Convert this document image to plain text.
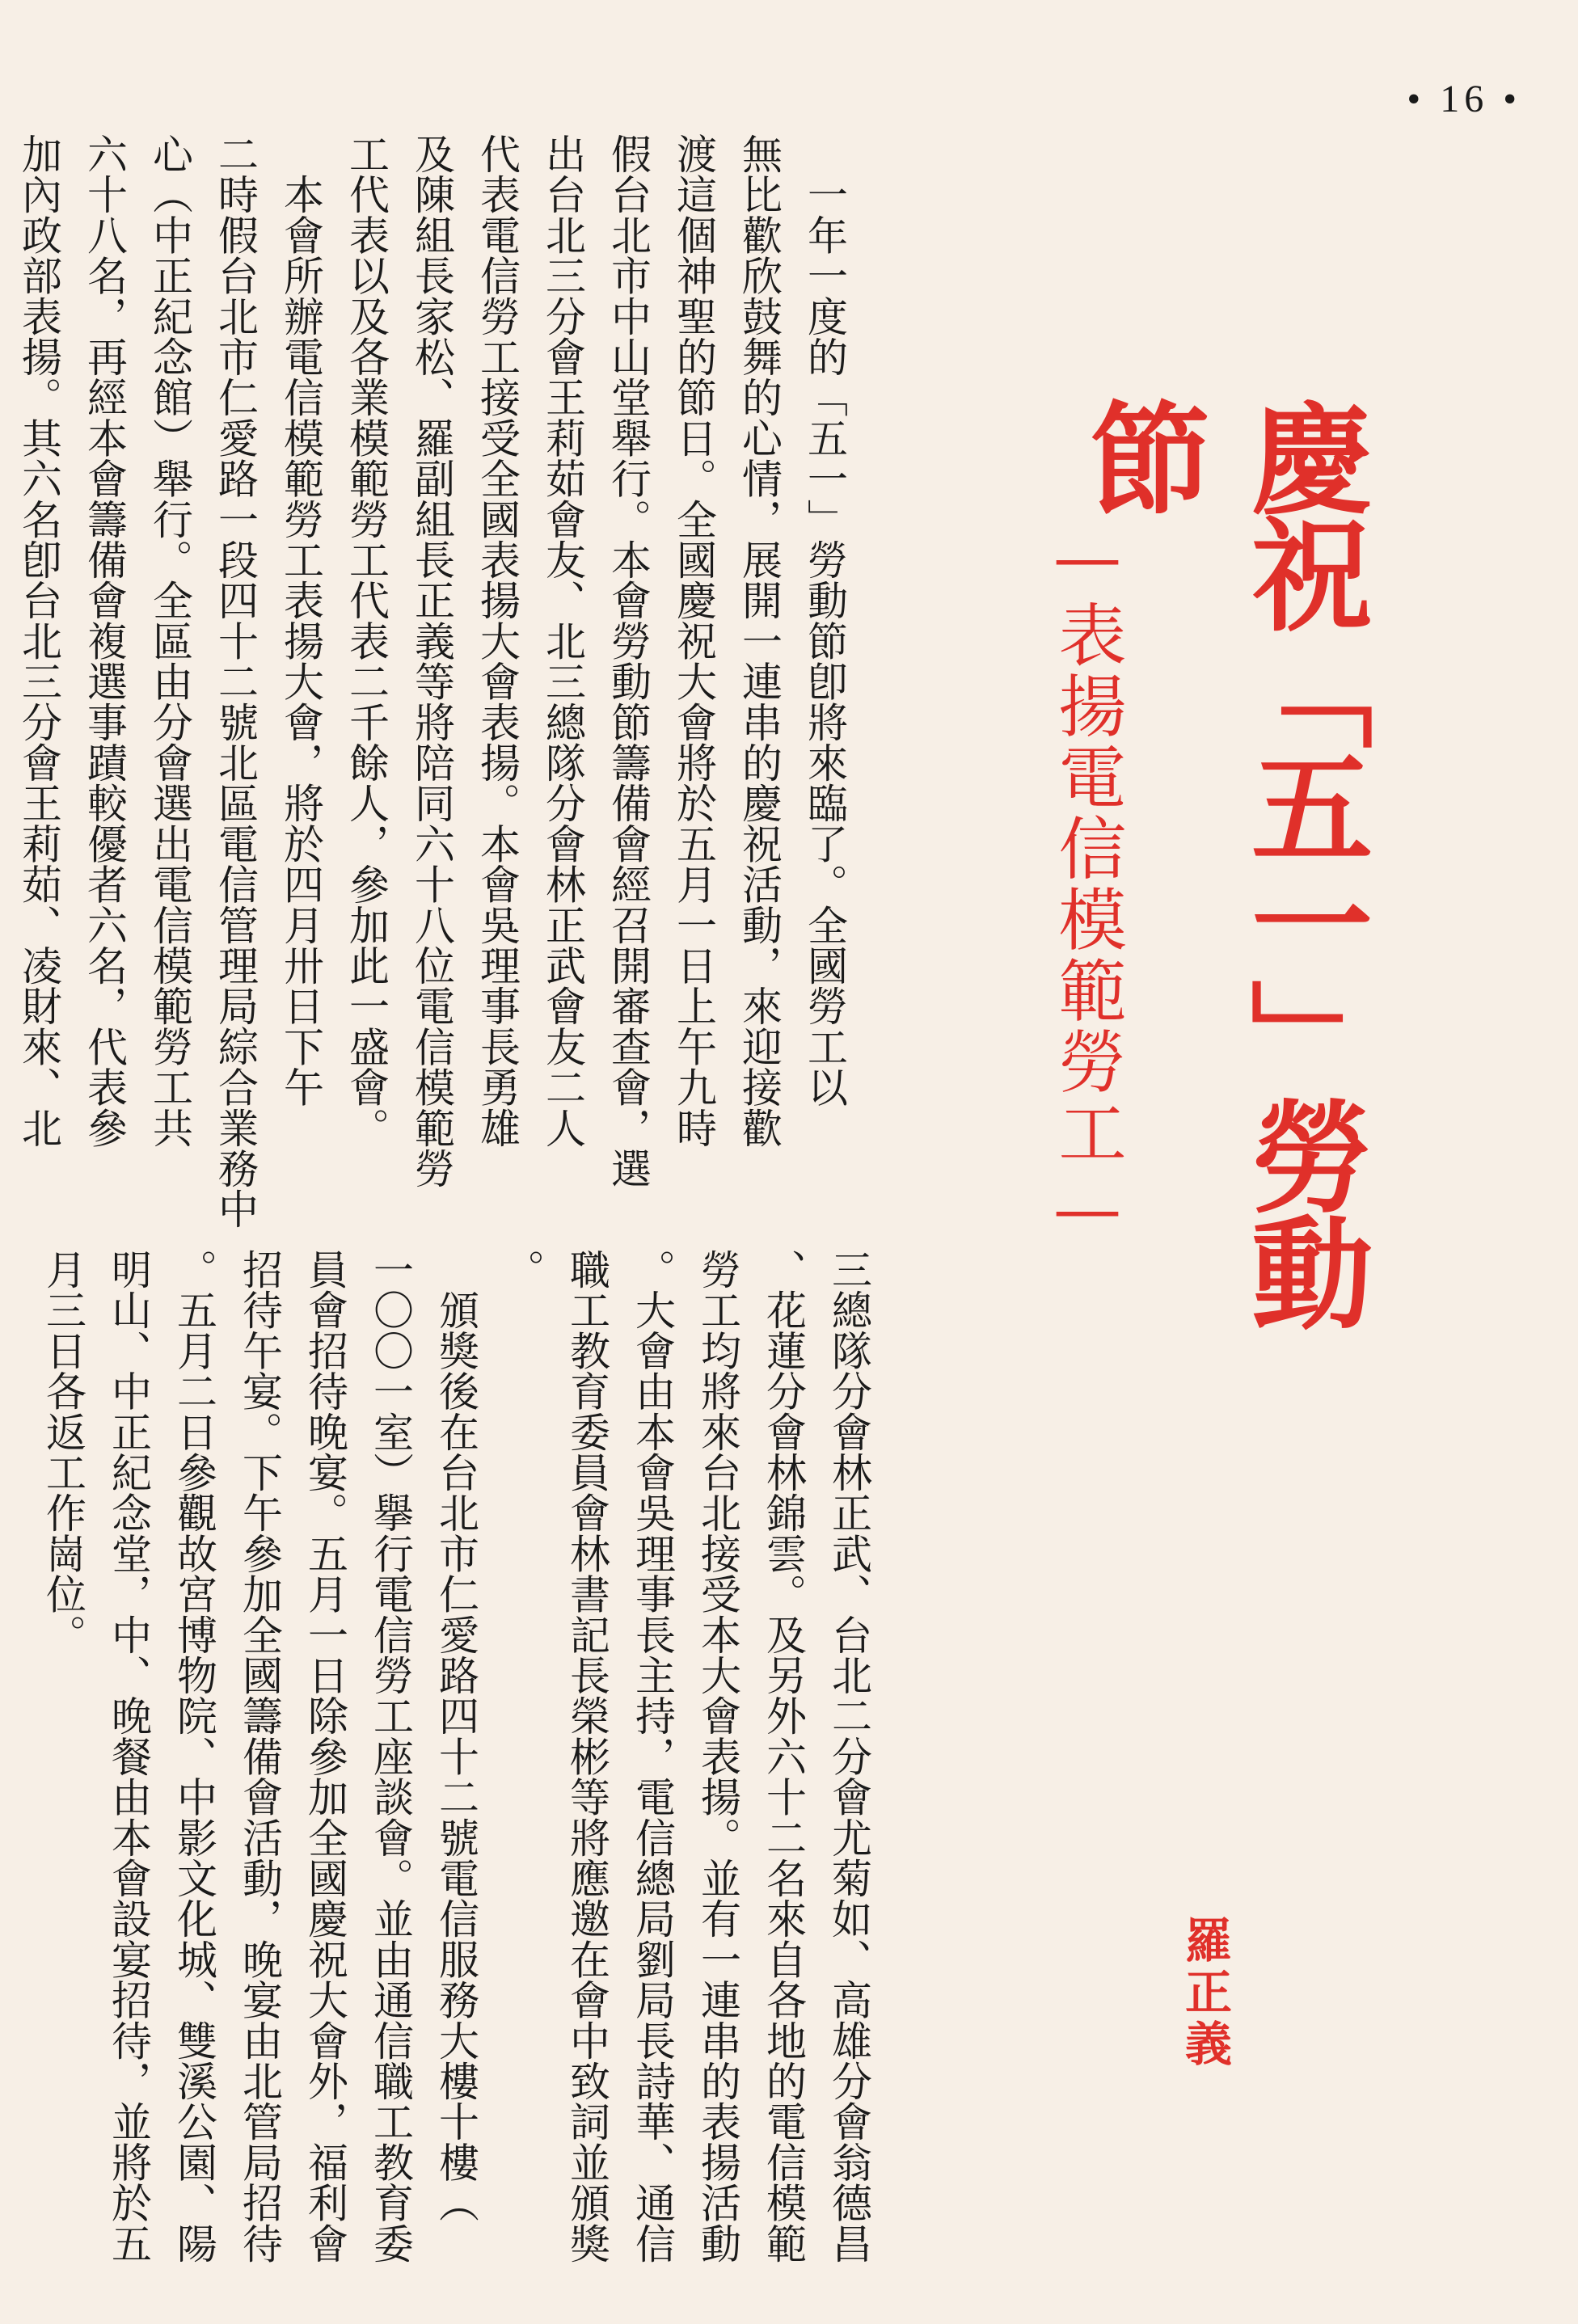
• 16 •
慶祝「五一」勞動節
—表揚電信模範勞工—
羅正義
　一年一度的「五一」勞動節卽將來臨了。全國勞工以
無比歡欣鼓舞的心情，展開一連串的慶祝活動，來迎接歡
渡這個神聖的節日。全國慶祝大會將於五月一日上午九時
假台北市中山堂舉行。本會勞動節籌備會經召開審查會，選
出台北三分會王莉茹會友、北三總隊分會林正武會友二人
代表電信勞工接受全國表揚大會表揚。本會吳理事長勇雄
及陳組長家松、羅副組長正義等將陪同六十八位電信模範勞
工代表以及各業模範勞工代表二千餘人，參加此一盛會。
　本會所辦電信模範勞工表揚大會，將於四月卅日下午
二時假台北市仁愛路一段四十二號北區電信管理局綜合業務中
心（中正紀念館）舉行。全區由分會選出電信模範勞工共
六十八名，再經本會籌備會複選事蹟較優者六名，代表參
加內政部表揚。其六名卽台北三分會王莉茹、凌財來、北
三總隊分會林正武、台北二分會尤菊如、高雄分會翁德昌
、花蓮分會林錦雲。及另外六十二名來自各地的電信模範
勞工均將來台北接受本大會表揚。並有一連串的表揚活動
。大會由本會吳理事長主持，電信總局劉局長詩華、通信
職工教育委員會林書記長榮彬等將應邀在會中致詞並頒獎
。
　頒獎後在台北市仁愛路四十二號電信服務大樓十樓（
一〇〇一室）擧行電信勞工座談會。並由通信職工教育委
員會招待晚宴。五月一日除參加全國慶祝大會外，福利會
招待午宴。下午參加全國籌備會活動，晚宴由北管局招待
。五月二日參觀故宮博物院、中影文化城、雙溪公園、陽
明山、中正紀念堂，中、晚餐由本會設宴招待，並將於五
月三日各返工作崗位。
